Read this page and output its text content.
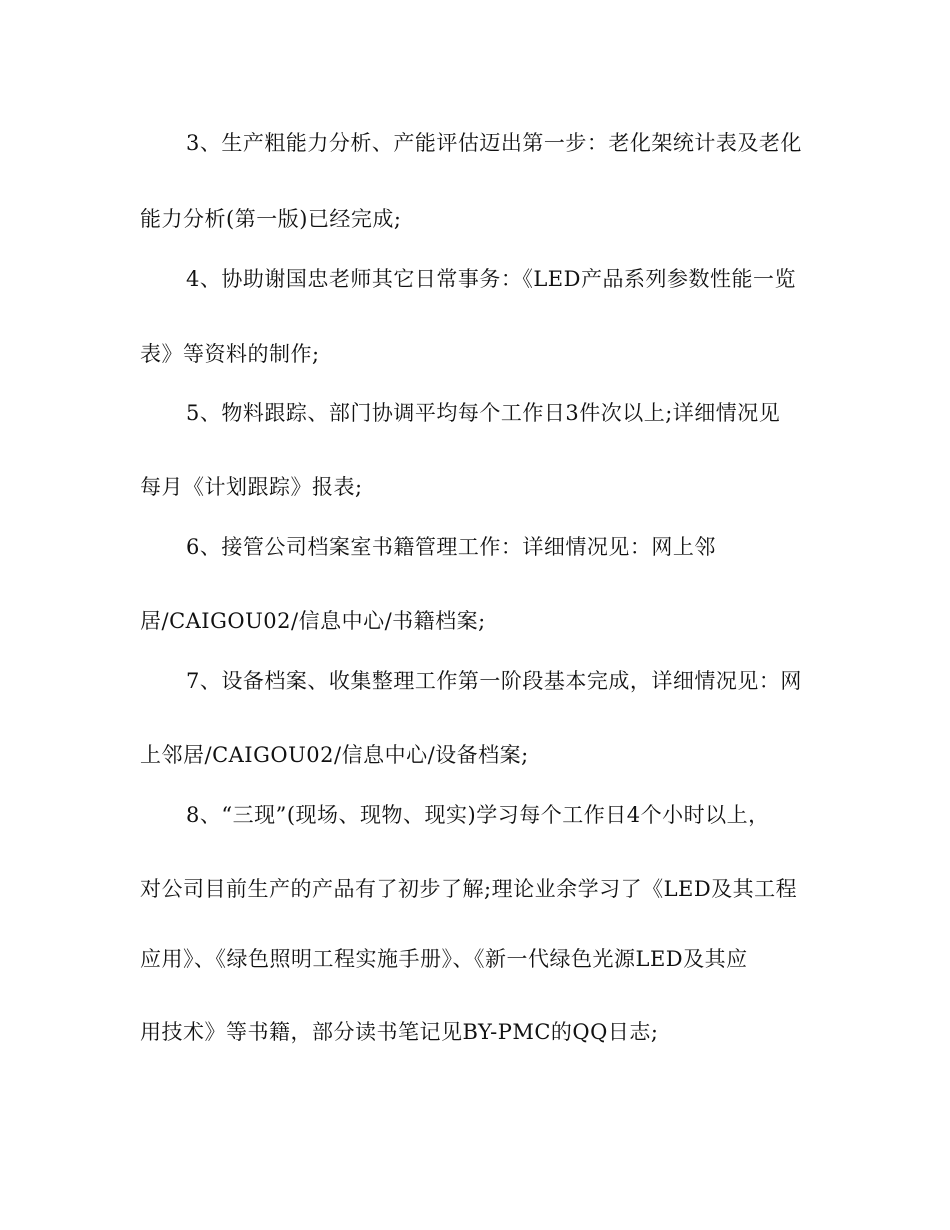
3、生产粗能力分析、产能评估迈出第一步：老化架统计表及老化
能力分析(第一版)已经完成;
4、协助谢国忠老师其它日常事务：《LED产品系列参数性能一览
表》等资料的制作;
5、物料跟踪、部门协调平均每个工作日3件次以上;详细情况见
每月《计划跟踪》报表;
6、接管公司档案室书籍管理工作：详细情况见：网上邻
居/CAIGOU02/信息中心/书籍档案;
7、设备档案、收集整理工作第一阶段基本完成，详细情况见：网
上邻居/CAIGOU02/信息中心/设备档案;
8、“三现”(现场、现物、现实)学习每个工作日4个小时以上，
对公司目前生产的产品有了初步了解;理论业余学习了《LED及其工程
应用》、《绿色照明工程实施手册》、《新一代绿色光源LED及其应
用技术》等书籍，部分读书笔记见BY-PMC的QQ日志;
